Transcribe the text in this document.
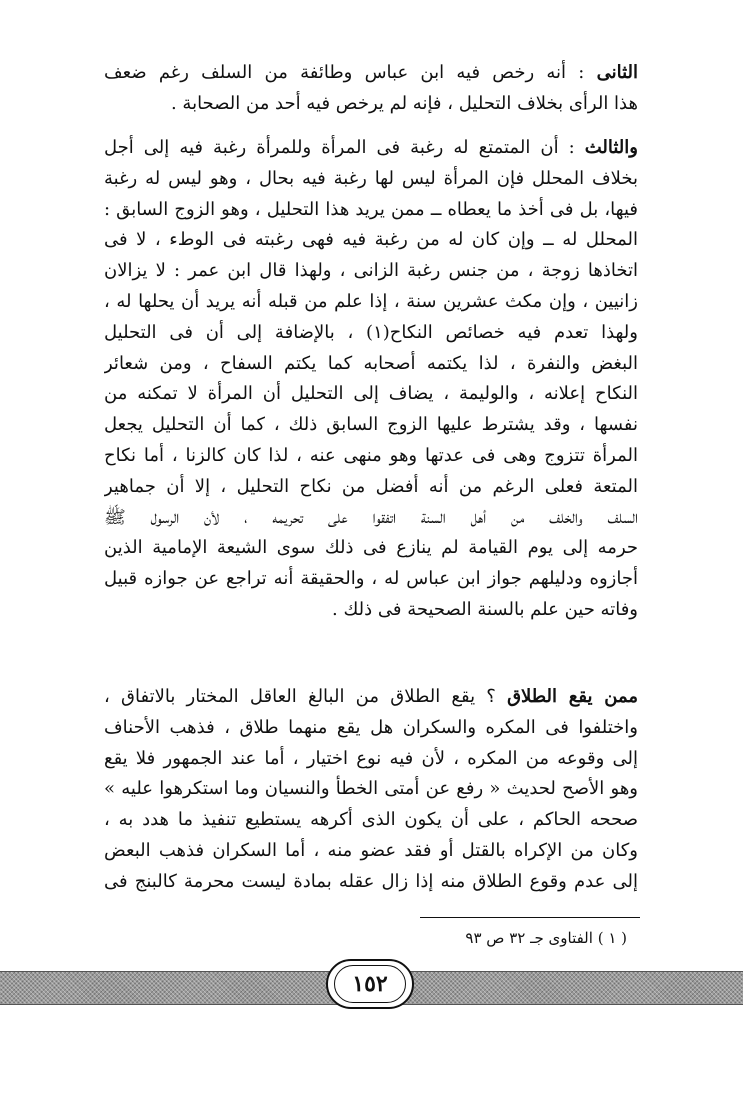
الثانى : أنه رخص فيه ابن عباس وطائفة من السلف رغم ضعف
هذا الرأى بخلاف التحليل ، فإنه لم يرخص فيه أحد من الصحابة .
والثالث : أن المتمتع له رغبة فى المرأة وللمرأة رغبة فيه إلى أجل
بخلاف المحلل فإن المرأة ليس لها رغبة فيه بحال ، وهو ليس له رغبة
فيها، بل فى أخذ ما يعطاه ــ ممن يريد هذا التحليل ، وهو الزوج السابق :
المحلل له ــ وإن كان له من رغبة فيه فهى رغبته فى الوطء ، لا فى
اتخاذها زوجة ، من جنس رغبة الزانى ، ولهذا قال ابن عمر : لا يزالان
زانيين ، وإن مكث عشرين سنة ، إذا علم من قبله أنه يريد أن يحلها له ،
ولهذا تعدم فيه خصائص النكاح(١) ، بالإضافة إلى أن فى التحليل
البغض والنفرة ، لذا يكتمه أصحابه كما يكتم السفاح ، ومن شعائر
النكاح إعلانه ، والوليمة ، يضاف إلى التحليل أن المرأة لا تمكنه من
نفسها ، وقد يشترط عليها الزوج السابق ذلك ، كما أن التحليل يجعل
المرأة تتزوج وهى فى عدتها وهو منهى عنه ، لذا كان كالزنا ، أما نكاح
المتعة فعلى الرغم من أنه أفضل من نكاح التحليل ، إلا أن جماهير
السلف والخلف من أهل السنة اتفقوا على تحريمه ، لأن الرسول ﷺ
حرمه إلى يوم القيامة لم ينازع فى ذلك سوى الشيعة الإمامية الذين
أجازوه ودليلهم جواز ابن عباس له ، والحقيقة أنه تراجع عن جوازه قبيل
وفاته حين علم بالسنة الصحيحة فى ذلك .
ممن يقع الطلاق ؟ يقع الطلاق من البالغ العاقل المختار بالاتفاق ،
واختلفوا فى المكره والسكران هل يقع منهما طلاق ، فذهب الأحناف
إلى وقوعه من المكره ، لأن فيه نوع اختيار ، أما عند الجمهور فلا يقع
وهو الأصح لحديث « رفع عن أمتى الخطأ والنسيان وما استكرهوا عليه »
صححه الحاكم ، على أن يكون الذى أكرهه يستطيع تنفيذ ما هدد به ،
وكان من الإكراه بالقتل أو فقد عضو منه ، أما السكران فذهب البعض
إلى عدم وقوع الطلاق منه إذا زال عقله بمادة ليست محرمة كالبنج فى
( ١ ) الفتاوى جـ ٣٢ ص ٩٣
١٥٢
